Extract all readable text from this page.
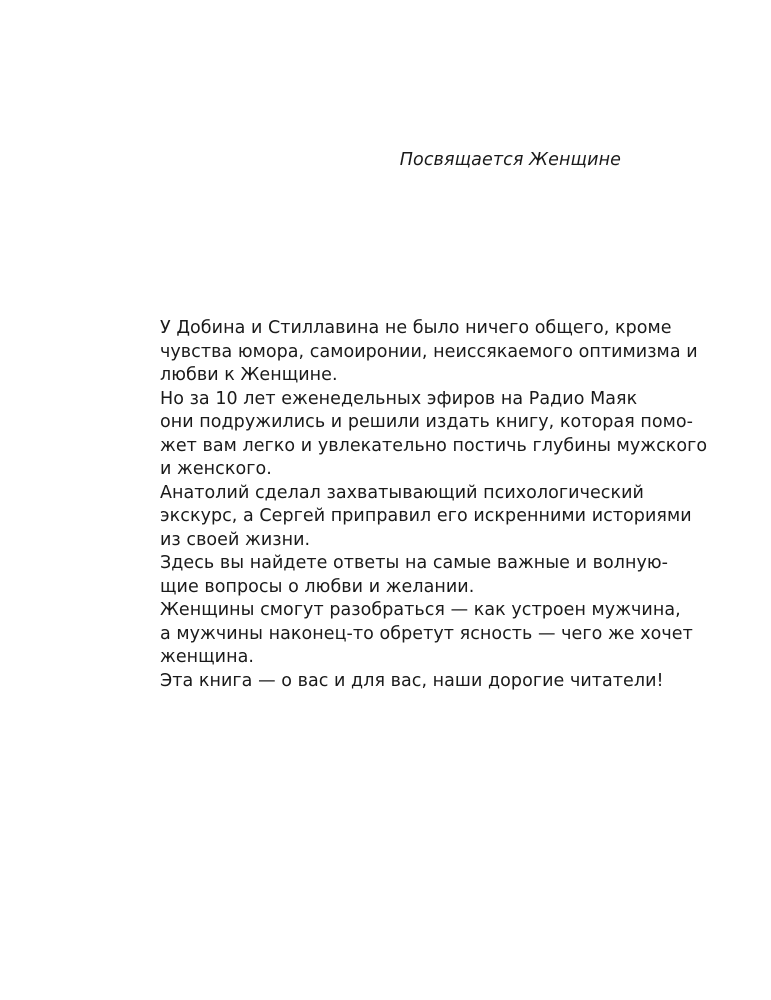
Посвящается Женщине

У Добина и Стиллавина не было ничего общего, кроме
чувства юмора, самоиронии, неиссякаемого оптимизма и
любви к Женщине.

Но за 10 лет еженедельных эфиров на Радио Маяк
они подружились и решили издать книгу, которая помо-
жет вам легко и увлекательно постичь глубины мужского
и женского.

Анатолий сделал захватывающий психологический
экскурс, а Сергей приправил его искренними историями
из своей жизни.

Здесь вы найдете ответы на самые важные и волную-
щие вопросы о любви и желании.

Женщины смогут разобраться — как устроен мужчина,
а мужчины наконец-то обретут ясность — чего же хочет
женщина.

Эта книга — о вас и для вас, наши дорогие читатели!
